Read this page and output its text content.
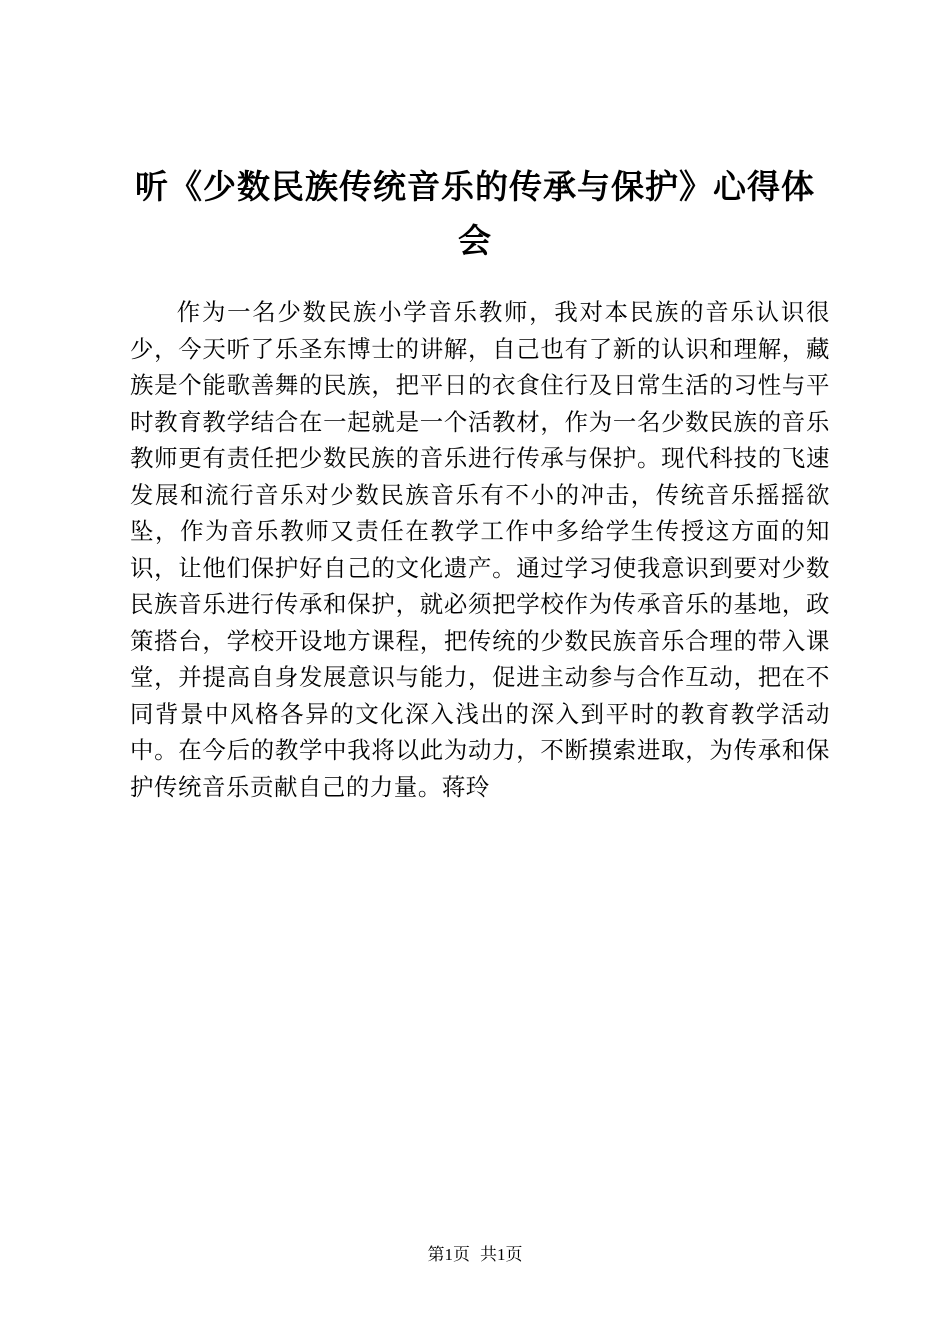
听《少数民族传统音乐的传承与保护》心得体会

作为一名少数民族小学音乐教师，我对本民族的音乐认识很少，今天听了乐圣东博士的讲解，自己也有了新的认识和理解，藏族是个能歌善舞的民族，把平日的衣食住行及日常生活的习性与平时教育教学结合在一起就是一个活教材，作为一名少数民族的音乐教师更有责任把少数民族的音乐进行传承与保护。现代科技的飞速发展和流行音乐对少数民族音乐有不小的冲击，传统音乐摇摇欲坠，作为音乐教师又责任在教学工作中多给学生传授这方面的知识，让他们保护好自己的文化遗产。通过学习使我意识到要对少数民族音乐进行传承和保护，就必须把学校作为传承音乐的基地，政策搭台，学校开设地方课程，把传统的少数民族音乐合理的带入课堂，并提高自身发展意识与能力，促进主动参与合作互动，把在不同背景中风格各异的文化深入浅出的深入到平时的教育教学活动中。在今后的教学中我将以此为动力，不断摸索进取，为传承和保护传统音乐贡献自己的力量。蒋玲

第1页 共1页
